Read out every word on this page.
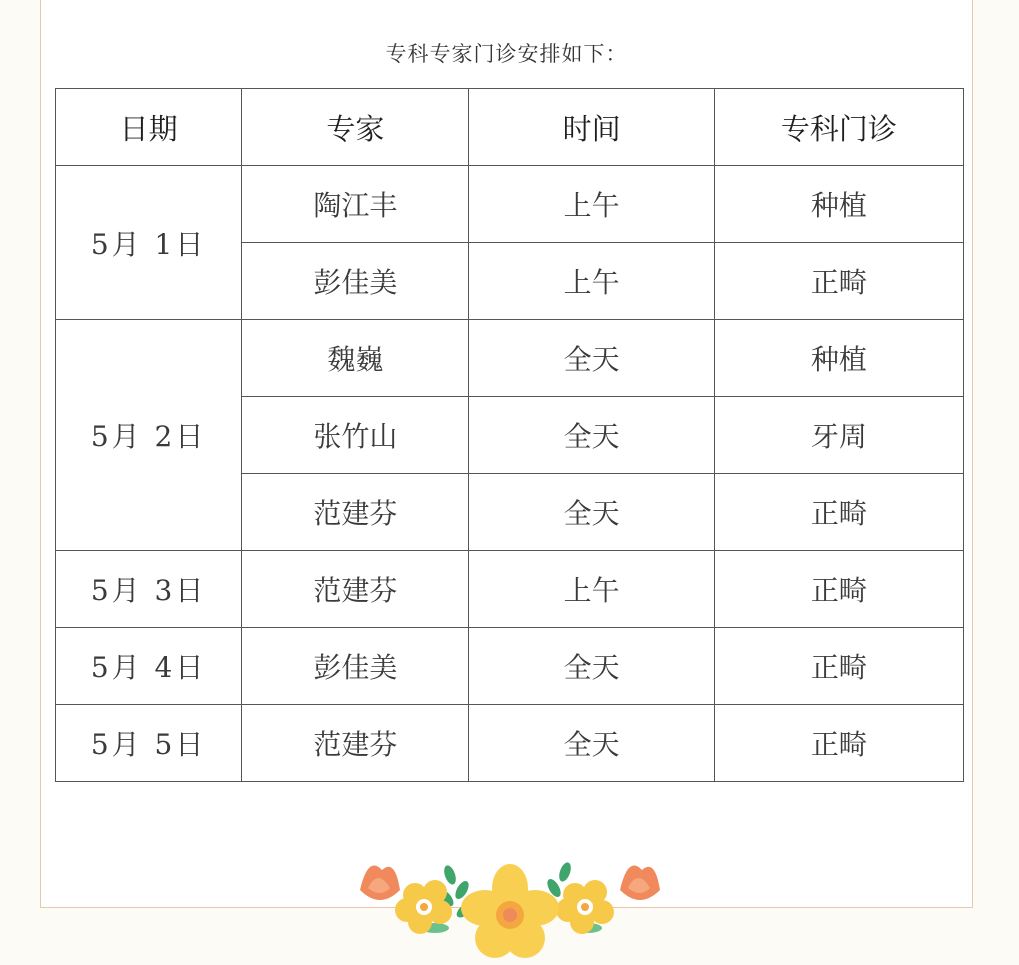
专科专家门诊安排如下：
日期	专家	时间	专科门诊
5月 1日	陶江丰	上午	种植
	彭佳美	上午	正畸
5月 2日	魏巍	全天	种植
	张竹山	全天	牙周
	范建芬	全天	正畸
5月 3日	范建芬	上午	正畸
5月 4日	彭佳美	全天	正畸
5月 5日	范建芬	全天	正畸
